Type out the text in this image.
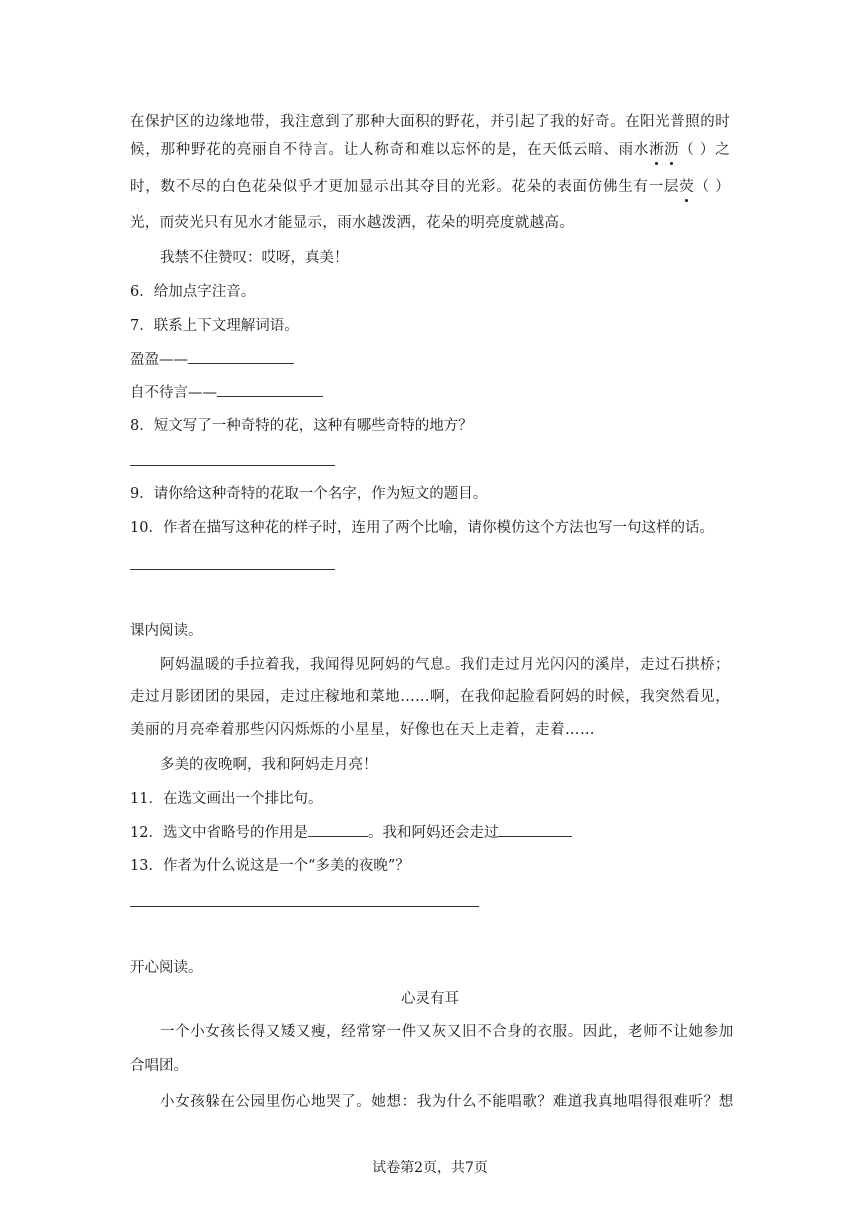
在保护区的边缘地带，我注意到了那种大面积的野花，并引起了我的好奇。在阳光普照的时
候，那种野花的亮丽自不待言。让人称奇和难以忘怀的是，在天低云暗、雨水淅沥（ ）之
时，数不尽的白色花朵似乎才更加显示出其夺目的光彩。花朵的表面仿佛生有一层荧（ ）
光，而荧光只有见水才能显示，雨水越泼洒，花朵的明亮度就越高。
我禁不住赞叹：哎呀，真美！
6．给加点字注音。
7．联系上下文理解词语。
盈盈——
自不待言——
8．短文写了一种奇特的花，这种有哪些奇特的地方？
9．请你给这种奇特的花取一个名字，作为短文的题目。
10．作者在描写这种花的样子时，连用了两个比喻，请你模仿这个方法也写一句这样的话。
课内阅读。
阿妈温暖的手拉着我，我闻得见阿妈的气息。我们走过月光闪闪的溪岸，走过石拱桥；
走过月影团团的果园，走过庄稼地和菜地……啊，在我仰起脸看阿妈的时候，我突然看见，
美丽的月亮牵着那些闪闪烁烁的小星星，好像也在天上走着，走着……
多美的夜晚啊，我和阿妈走月亮！
11．在选文画出一个排比句。
12．选文中省略号的作用是	。我和阿妈还会走过
13．作者为什么说这是一个“多美的夜晚”？
开心阅读。
心灵有耳
一个小女孩长得又矮又瘦，经常穿一件又灰又旧不合身的衣服。因此，老师不让她参加
合唱团。
小女孩躲在公园里伤心地哭了。她想：我为什么不能唱歌？难道我真地唱得很难听？想
试卷第2页，共7页
